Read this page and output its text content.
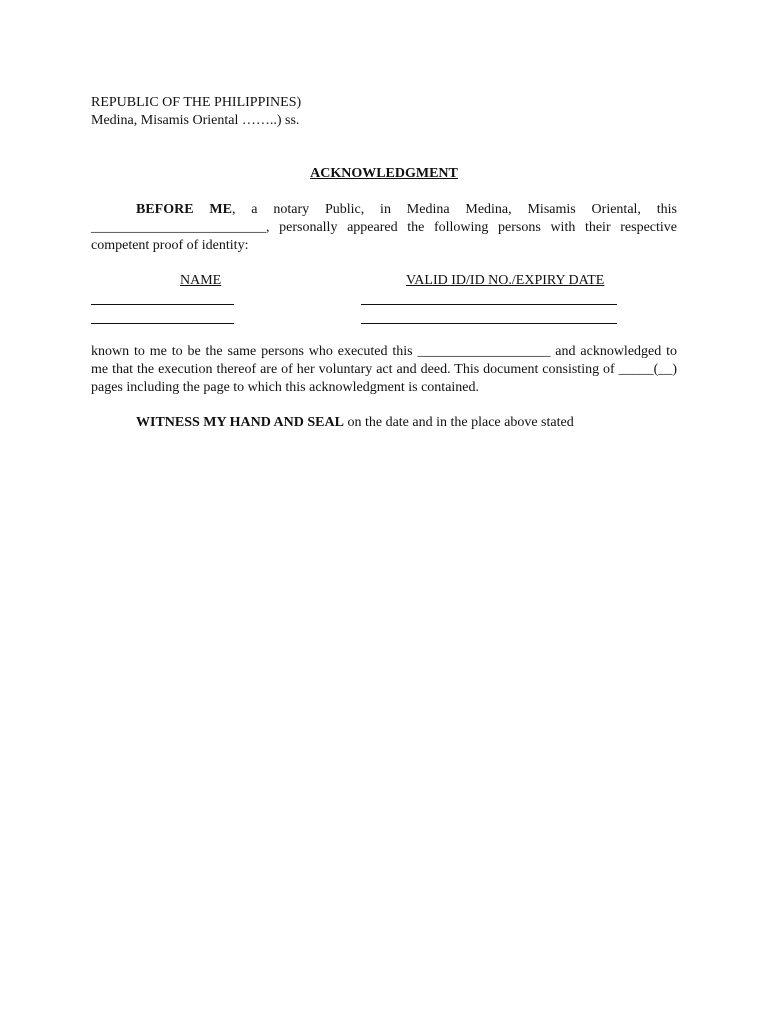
REPUBLIC OF THE PHILIPPINES)
Medina, Misamis Oriental ……..) ss.
ACKNOWLEDGMENT

BEFORE ME, a notary Public, in Medina Medina, Misamis Oriental, this _________________________, personally appeared the following persons with their respective competent proof of identity:

NAME	VALID ID/ID NO./EXPIRY DATE

known to me to be the same persons who executed this ___________________ and acknowledged to me that the execution thereof are of her voluntary act and deed. This document consisting of _____(__) pages including the page to which this acknowledgment is contained.

WITNESS MY HAND AND SEAL on the date and in the place above stated
